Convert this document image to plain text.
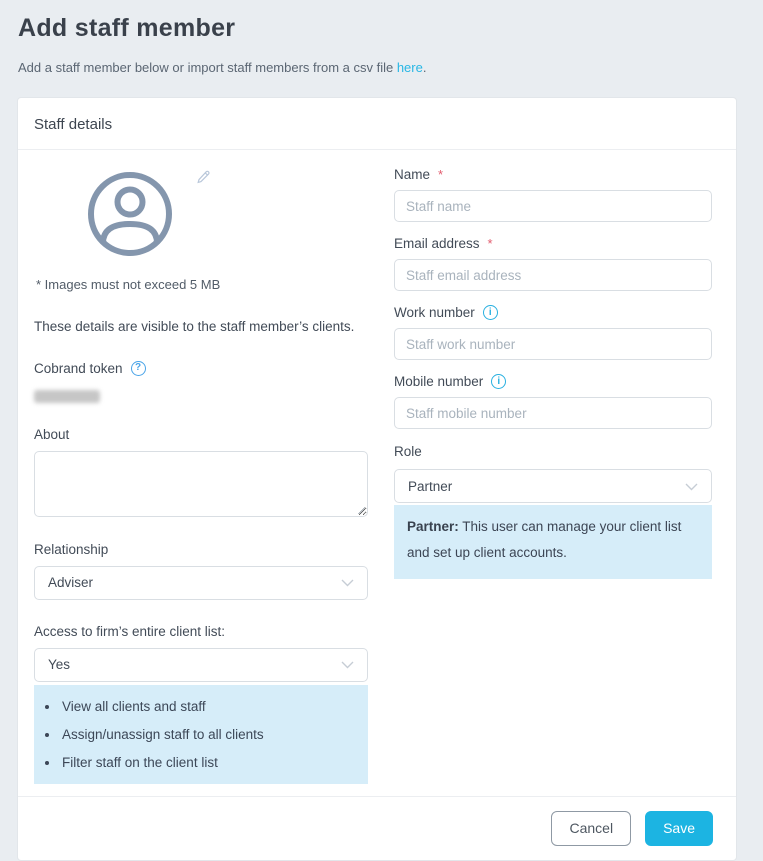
Add staff member

Add a staff member below or import staff members from a csv file here.

Staff details
* Images must not exceed 5 MB
These details are visible to the staff member’s clients.
Cobrand token	?
About
Relationship
Adviser
Access to firm’s entire client list:
Yes
• View all clients and staff
• Assign/unassign staff to all clients
• Filter staff on the client list
Name *
Staff name
Email address *
Staff email address
Work number	i
Staff work number
Mobile number	i
Staff mobile number
Role
Partner
Partner: This user can manage your client list and set up client accounts.
Cancel	Save
